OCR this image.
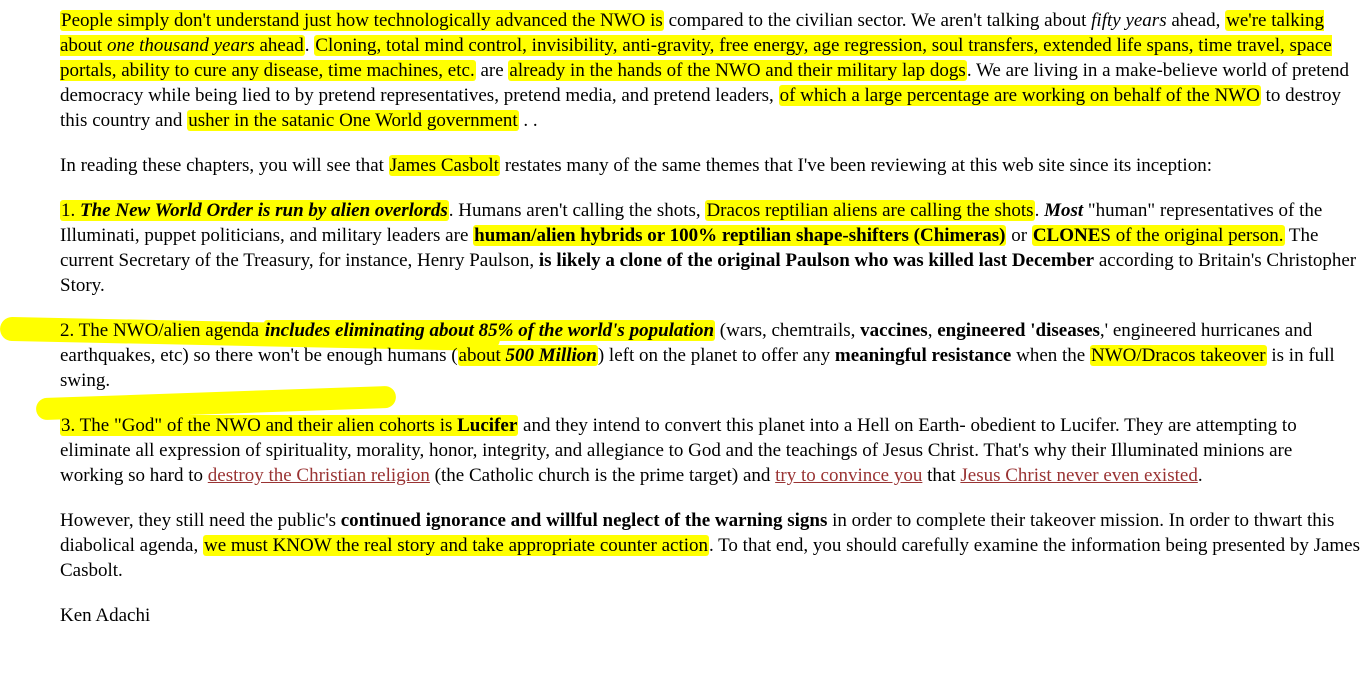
People simply don't understand just how technologically advanced the NWO is compared to the civilian sector. We aren't talking about fifty years ahead, we're talking about one thousand years ahead. Cloning, total mind control, invisibility, anti-gravity, free energy, age regression, soul transfers, extended life spans, time travel, space portals, ability to cure any disease, time machines, etc. are already in the hands of the NWO and their military lap dogs. We are living in a make-believe world of pretend democracy while being lied to by pretend representatives, pretend media, and pretend leaders, of which a large percentage are working on behalf of the NWO to destroy this country and usher in the satanic One World government . .

In reading these chapters, you will see that James Casbolt restates many of the same themes that I've been reviewing at this web site since its inception:

1. The New World Order is run by alien overlords. Humans aren't calling the shots, Dracos reptilian aliens are calling the shots. Most "human" representatives of the Illuminati, puppet politicians, and military leaders are human/alien hybrids or 100% reptilian shape-shifters (Chimeras) or CLONES of the original person. The current Secretary of the Treasury, for instance, Henry Paulson, is likely a clone of the original Paulson who was killed last December according to Britain's Christopher Story.

2. The NWO/alien agenda includes eliminating about 85% of the world's population (wars, chemtrails, vaccines, engineered 'diseases,' engineered hurricanes and earthquakes, etc) so there won't be enough humans (about 500 Million) left on the planet to offer any meaningful resistance when the NWO/Dracos takeover is in full swing.

3. The "God" of the NWO and their alien cohorts is Lucifer and they intend to convert this planet into a Hell on Earth- obedient to Lucifer. They are attempting to eliminate all expression of spirituality, morality, honor, integrity, and allegiance to God and the teachings of Jesus Christ. That's why their Illuminated minions are working so hard to destroy the Christian religion (the Catholic church is the prime target) and try to convince you that Jesus Christ never even existed.

However, they still need the public's continued ignorance and willful neglect of the warning signs in order to complete their takeover mission. In order to thwart this diabolical agenda, we must KNOW the real story and take appropriate counter action. To that end, you should carefully examine the information being presented by James Casbolt.

Ken Adachi
